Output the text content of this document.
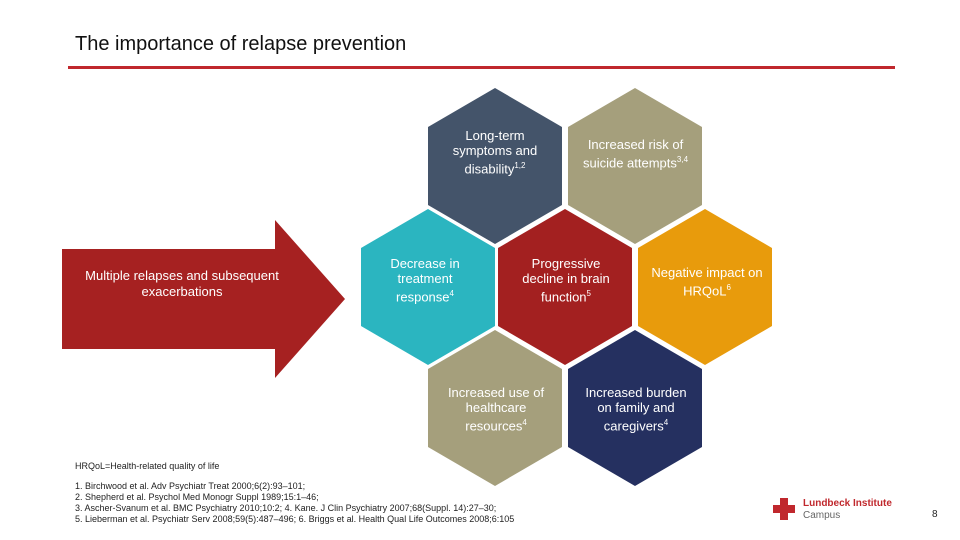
The importance of relapse prevention
Multiple relapses and subsequent exacerbations
Long-term symptoms and disability$^{1,2}$
Increased risk of suicide attempts$^{3,4}$
Decrease in treatment response$^4$
Progressive decline in brain function$^5$
Negative impact on HRQoL$^6$
Increased use of healthcare resources$^4$
Increased burden on family and caregivers$^4$
HRQoL=Health-related quality of life
1. Birchwood et al. Adv Psychiatr Treat 2000;6(2):93–101;
2. Shepherd et al. Psychol Med Monogr Suppl 1989;15:1–46;
3. Ascher-Svanum et al. BMC Psychiatry 2010;10:2; 4. Kane. J Clin Psychiatry 2007;68(Suppl. 14):27–30;
5. Lieberman et al. Psychiatr Serv 2008;59(5):487–496; 6. Briggs et al. Health Qual Life Outcomes 2008;6:105
Lundbeck Institute
Campus	8
